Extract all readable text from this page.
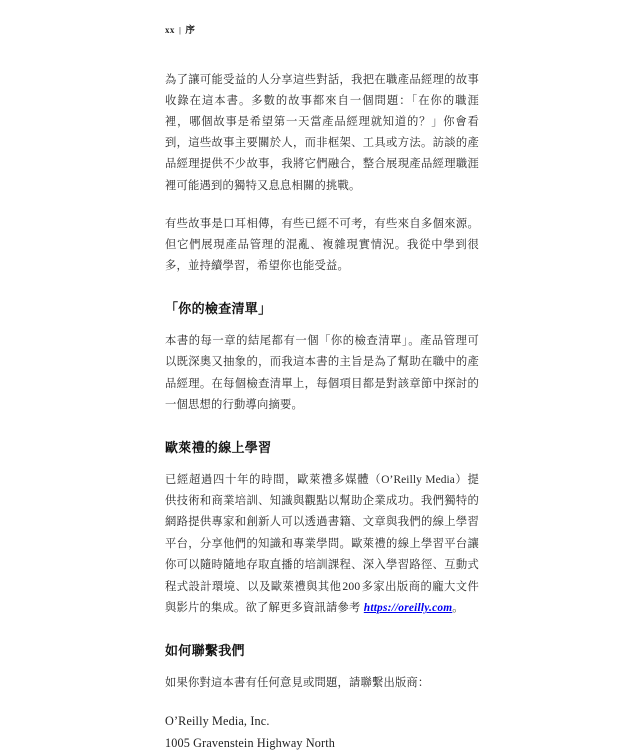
xx | 序

為了讓可能受益的人分享這些對話，我把在職產品經理的故事收錄在這本書。多數的故事都來自一個問題：「在你的職涯裡，哪個故事是希望第一天當產品經理就知道的？」你會看到，這些故事主要關於人，而非框架、工具或方法。訪談的產品經理提供不少故事，我將它們融合，整合展現產品經理職涯裡可能遇到的獨特又息息相關的挑戰。

有些故事是口耳相傳，有些已經不可考，有些來自多個來源。但它們展現產品管理的混亂、複雜現實情況。我從中學到很多，並持續學習，希望你也能受益。

「你的檢查清單」

本書的每一章的結尾都有一個「你的檢查清單」。產品管理可以既深奧又抽象的，而我這本書的主旨是為了幫助在職中的產品經理。在每個檢查清單上，每個項目都是對該章節中探討的一個思想的行動導向摘要。

歐萊禮的線上學習

已經超過四十年的時間，歐萊禮多媒體（O’Reilly Media）提供技術和商業培訓、知識與觀點以幫助企業成功。我們獨特的網路提供專家和創新人可以透過書籍、文章與我們的線上學習平台，分享他們的知識和專業學問。歐萊禮的線上學習平台讓你可以隨時隨地存取直播的培訓課程、深入學習路徑、互動式程式設計環境、以及歐萊禮與其他200多家出版商的龐大文件與影片的集成。欲了解更多資訊請參考 https://oreilly.com。

如何聯繫我們

如果你對這本書有任何意見或問題，請聯繫出版商：

O’Reilly Media, Inc.

1005 Gravenstein Highway North
